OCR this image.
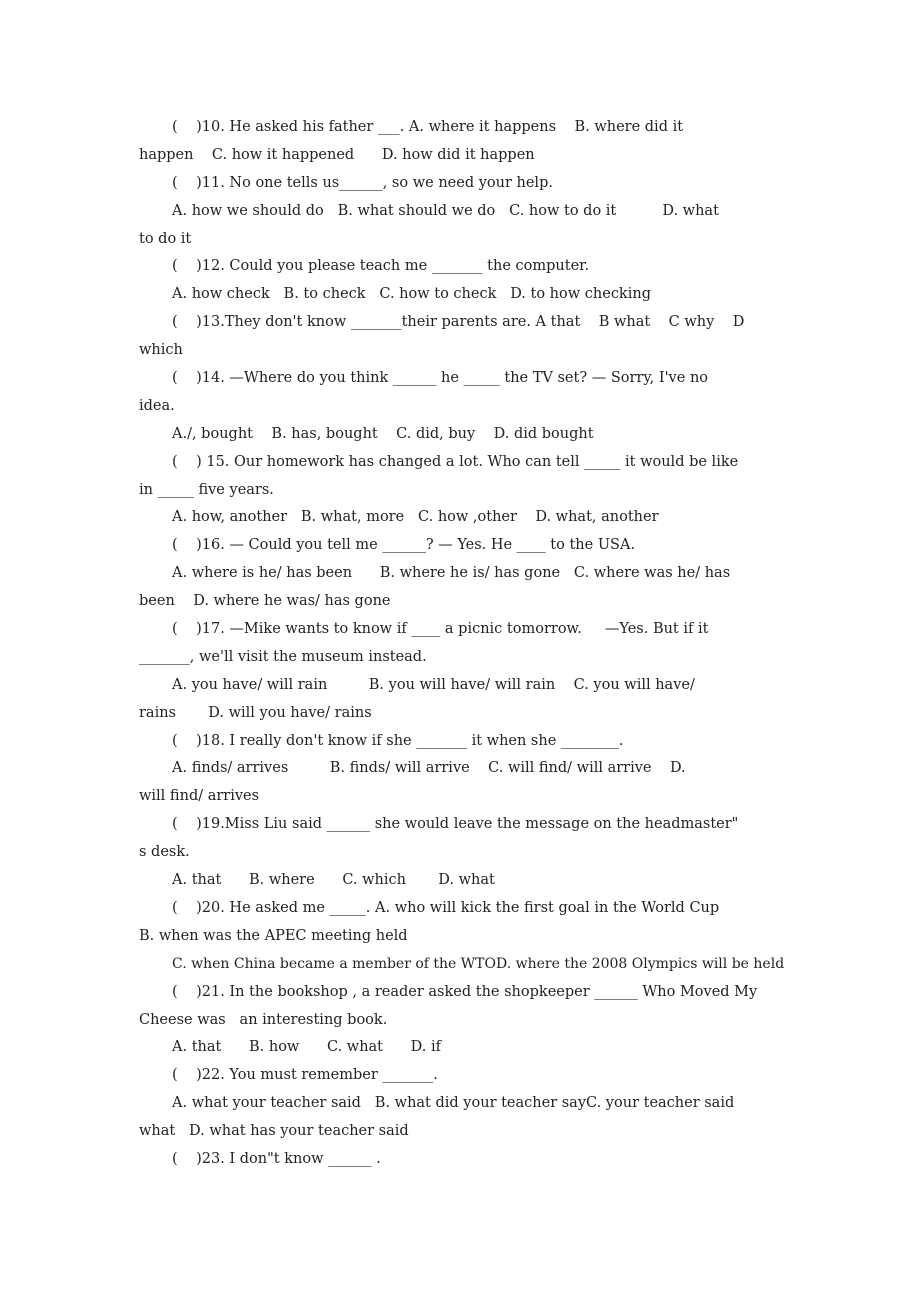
(    )10. He asked his father ___. A. where it happens    B. where did it
happen    C. how it happened      D. how did it happen
(    )11. No one tells us______, so we need your help.
A. how we should do   B. what should we do   C. how to do it          D. what
to do it
(    )12. Could you please teach me _______ the computer.
A. how check   B. to check   C. how to check   D. to how checking
(    )13.They don't know _______their parents are. A that    B what    C why    D
which
(    )14. —Where do you think ______ he _____ the TV set? — Sorry, I've no
idea.
A./, bought    B. has, bought    C. did, buy    D. did bought
(    ) 15. Our homework has changed a lot. Who can tell _____ it would be like
in _____ five years.
A. how, another   B. what, more   C. how ,other    D. what, another
(    )16. — Could you tell me ______? — Yes. He ____ to the USA.
A. where is he/ has been      B. where he is/ has gone   C. where was he/ has
been    D. where he was/ has gone
(    )17. —Mike wants to know if ____ a picnic tomorrow.     —Yes. But if it
_______, we'll visit the museum instead.
A. you have/ will rain         B. you will have/ will rain    C. you will have/
rains       D. will you have/ rains
(    )18. I really don't know if she _______ it when she ________.
A. finds/ arrives         B. finds/ will arrive    C. will find/ will arrive    D.
will find/ arrives
(    )19.Miss Liu said ______ she would leave the message on the headmaster"
s desk.
A. that      B. where      C. which       D. what
(    )20. He asked me _____. A. who will kick the first goal in the World Cup
B. when was the APEC meeting held
C. when China became a member of the WTOD. where the 2008 Olympics will be held
(    )21. In the bookshop , a reader asked the shopkeeper ______ Who Moved My
Cheese was   an interesting book.
A. that      B. how      C. what      D. if
(    )22. You must remember _______.
A. what your teacher said   B. what did your teacher sayC. your teacher said
what   D. what has your teacher said
(    )23. I don"t know ______ .
